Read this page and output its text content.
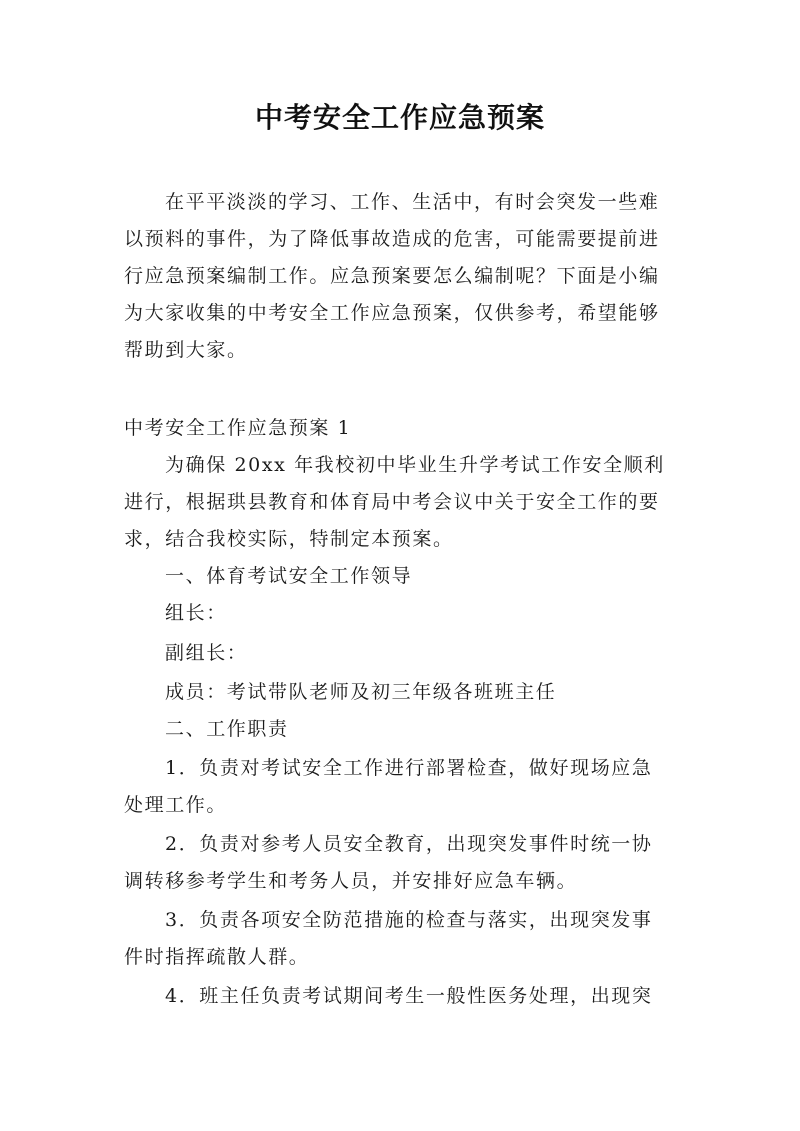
中考安全工作应急预案
在平平淡淡的学习、工作、生活中，有时会突发一些难
以预料的事件，为了降低事故造成的危害，可能需要提前进
行应急预案编制工作。应急预案要怎么编制呢？下面是小编
为大家收集的中考安全工作应急预案，仅供参考，希望能够
帮助到大家。
中考安全工作应急预案 1
为确保 20xx 年我校初中毕业生升学考试工作安全顺利
进行，根据珙县教育和体育局中考会议中关于安全工作的要
求，结合我校实际，特制定本预案。
一、体育考试安全工作领导
组长：
副组长：
成员：考试带队老师及初三年级各班班主任
二、工作职责
1．负责对考试安全工作进行部署检查，做好现场应急
处理工作。
2．负责对参考人员安全教育，出现突发事件时统一协
调转移参考学生和考务人员，并安排好应急车辆。
3．负责各项安全防范措施的检查与落实，出现突发事
件时指挥疏散人群。
4．班主任负责考试期间考生一般性医务处理，出现突
